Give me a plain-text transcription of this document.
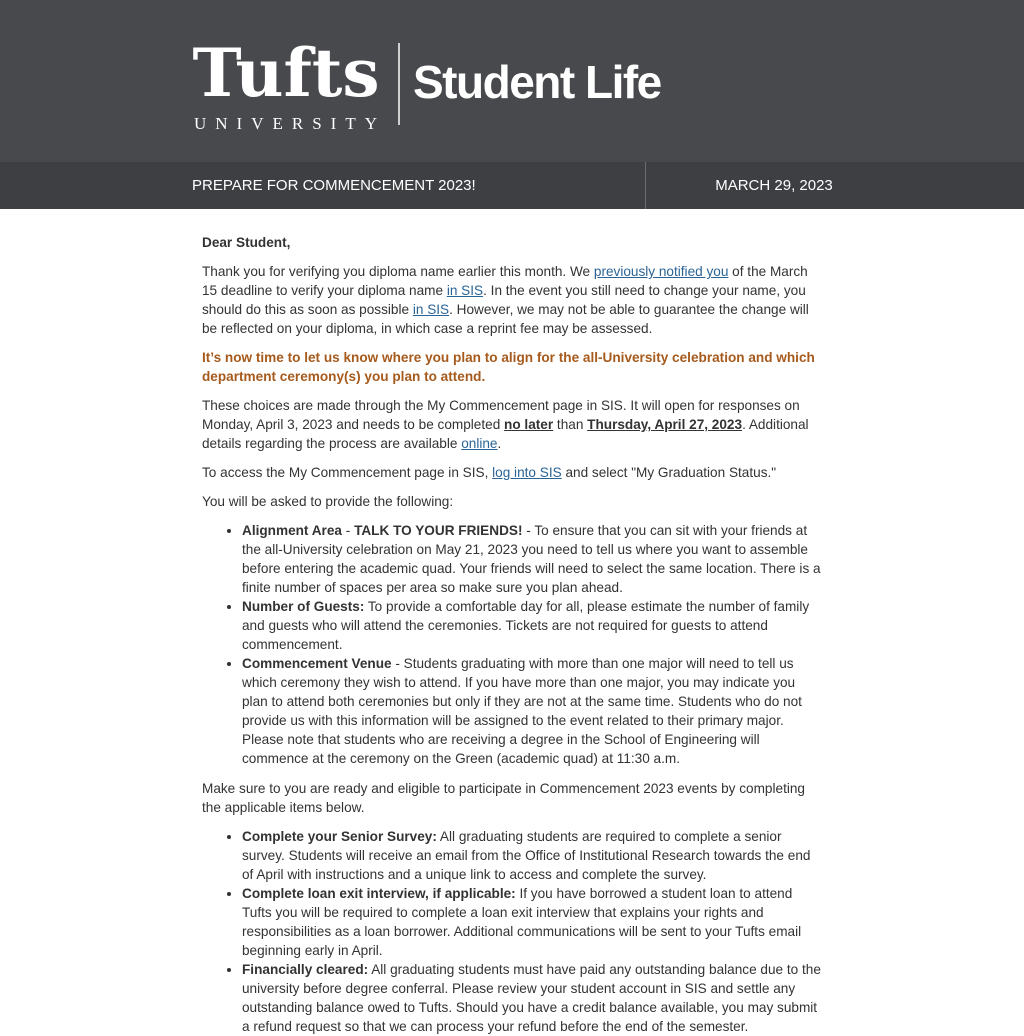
Tufts
UNIVERSITY
Student Life
PREPARE FOR COMMENCEMENT 2023!	MARCH 29, 2023

Dear Student,

Thank you for verifying you diploma name earlier this month. We previously notified you of the March 15 deadline to verify your diploma name in SIS. In the event you still need to change your name, you should do this as soon as possible in SIS. However, we may not be able to guarantee the change will be reflected on your diploma, in which case a reprint fee may be assessed.

It’s now time to let us know where you plan to align for the all-University celebration and which department ceremony(s) you plan to attend.

These choices are made through the My Commencement page in SIS. It will open for responses on Monday, April 3, 2023 and needs to be completed no later than Thursday, April 27, 2023. Additional details regarding the process are available online.

To access the My Commencement page in SIS, log into SIS and select "My Graduation Status."

You will be asked to provide the following:

• Alignment Area - TALK TO YOUR FRIENDS! - To ensure that you can sit with your friends at the all-University celebration on May 21, 2023 you need to tell us where you want to assemble before entering the academic quad. Your friends will need to select the same location. There is a finite number of spaces per area so make sure you plan ahead.
• Number of Guests: To provide a comfortable day for all, please estimate the number of family and guests who will attend the ceremonies. Tickets are not required for guests to attend commencement.
• Commencement Venue - Students graduating with more than one major will need to tell us which ceremony they wish to attend. If you have more than one major, you may indicate you plan to attend both ceremonies but only if they are not at the same time. Students who do not provide us with this information will be assigned to the event related to their primary major. Please note that students who are receiving a degree in the School of Engineering will commence at the ceremony on the Green (academic quad) at 11:30 a.m.

Make sure to you are ready and eligible to participate in Commencement 2023 events by completing the applicable items below.

• Complete your Senior Survey: All graduating students are required to complete a senior survey. Students will receive an email from the Office of Institutional Research towards the end of April with instructions and a unique link to access and complete the survey.
• Complete loan exit interview, if applicable: If you have borrowed a student loan to attend Tufts you will be required to complete a loan exit interview that explains your rights and responsibilities as a loan borrower. Additional communications will be sent to your Tufts email beginning early in April.
• Financially cleared: All graduating students must have paid any outstanding balance due to the university before degree conferral. Please review your student account in SIS and settle any outstanding balance owed to Tufts. Should you have a credit balance available, you may submit a refund request so that we can process your refund before the end of the semester.
